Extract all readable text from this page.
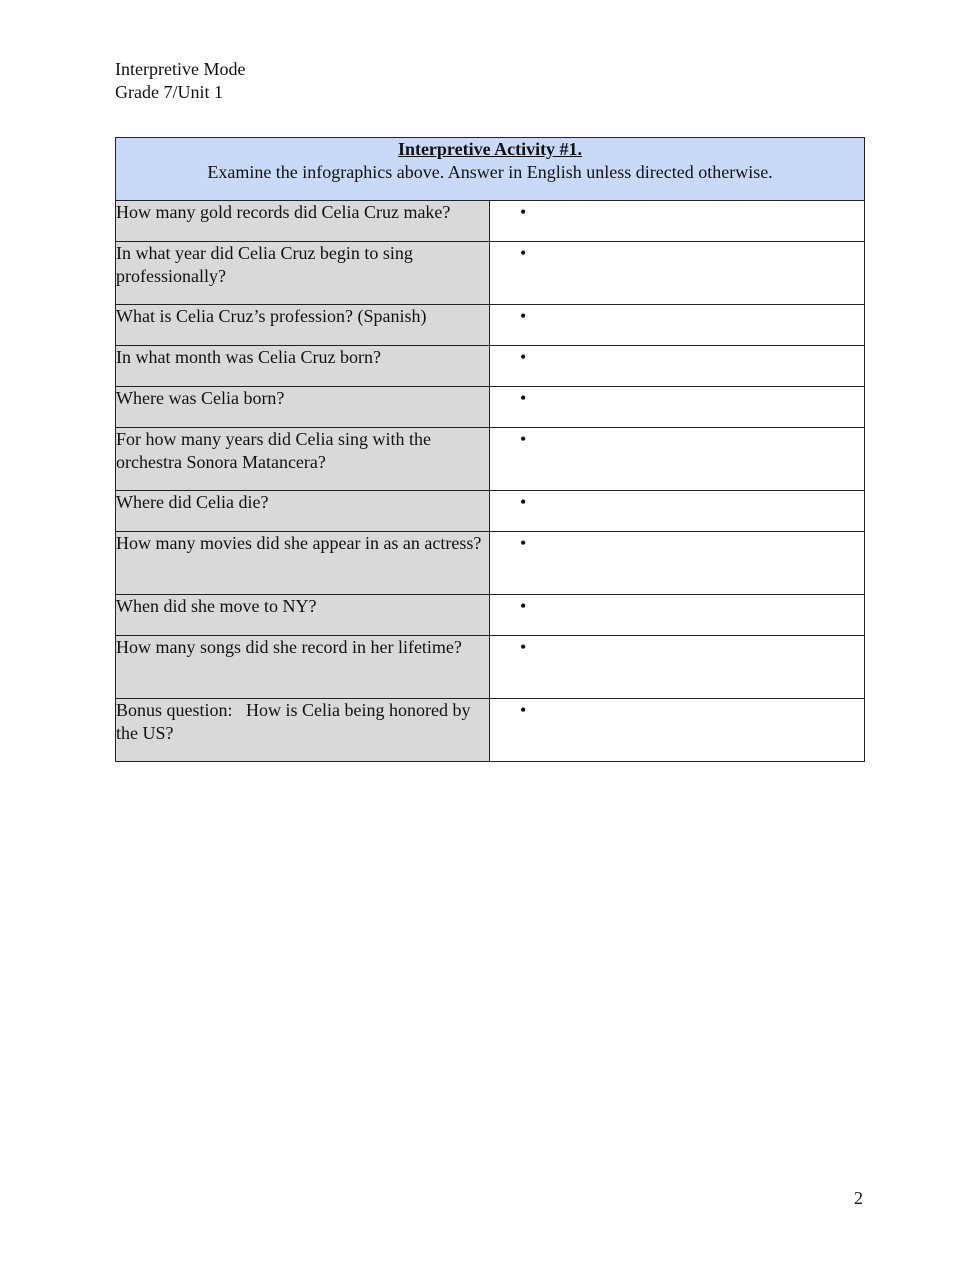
Interpretive Mode
Grade 7/Unit 1
Interpretive Activity #1.
Examine the infographics above. Answer in English unless directed otherwise.	

How many gold records did Celia Cruz make?	•
In what year did Celia Cruz begin to sing professionally?	•
What is Celia Cruz’s profession? (Spanish)	•
In what month was Celia Cruz born?	•
Where was Celia born?	•
For how many years did Celia sing with the orchestra Sonora Matancera?	•
Where did Celia die?	•
How many movies did she appear in as an actress?	•
When did she move to NY?	•
How many songs did she record in her lifetime?	•
Bonus question:   How is Celia being honored by the US?	•
2
